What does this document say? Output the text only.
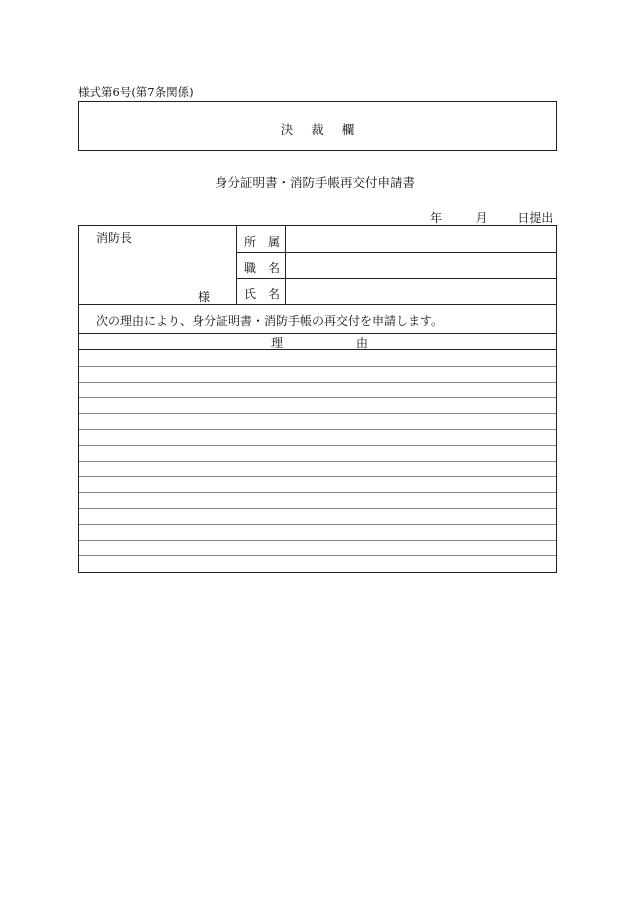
様式第6号(第7条関係)
決裁欄
身分証明書・消防手帳再交付申請書
年	月 日提出
消防長
様
所　属
職　名
氏　名
次の理由により、身分証明書・消防手帳の再交付を申請します。
理	由
